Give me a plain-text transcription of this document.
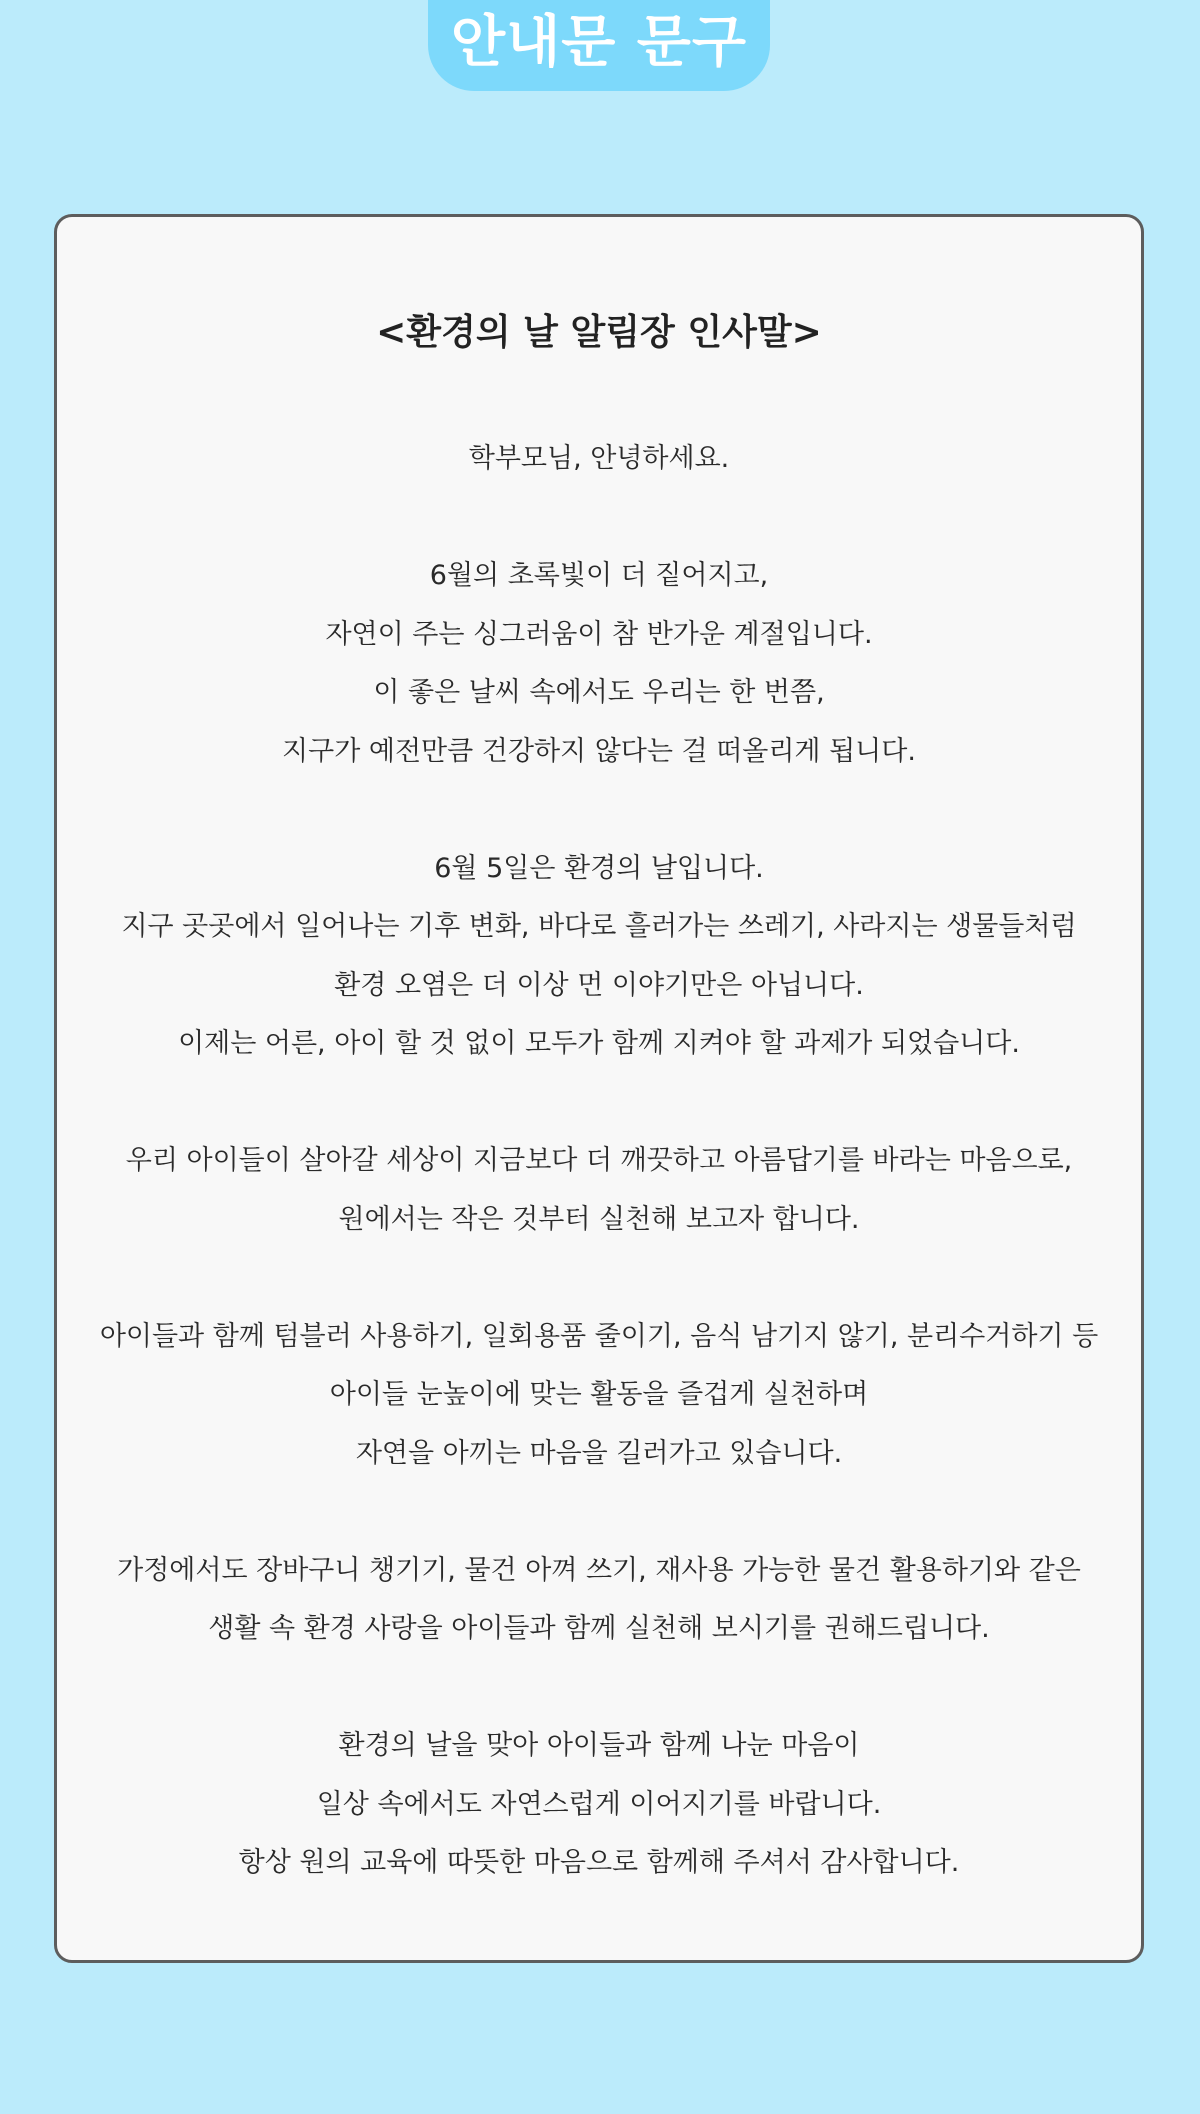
안내문 문구
<환경의 날 알림장 인사말>
학부모님, 안녕하세요.
6월의 초록빛이 더 짙어지고,
자연이 주는 싱그러움이 참 반가운 계절입니다.
이 좋은 날씨 속에서도 우리는 한 번쯤,
지구가 예전만큼 건강하지 않다는 걸 떠올리게 됩니다.
6월 5일은 환경의 날입니다.
지구 곳곳에서 일어나는 기후 변화, 바다로 흘러가는 쓰레기, 사라지는 생물들처럼
환경 오염은 더 이상 먼 이야기만은 아닙니다.
이제는 어른, 아이 할 것 없이 모두가 함께 지켜야 할 과제가 되었습니다.
우리 아이들이 살아갈 세상이 지금보다 더 깨끗하고 아름답기를 바라는 마음으로,
원에서는 작은 것부터 실천해 보고자 합니다.
아이들과 함께 텀블러 사용하기, 일회용품 줄이기, 음식 남기지 않기, 분리수거하기 등
아이들 눈높이에 맞는 활동을 즐겁게 실천하며
자연을 아끼는 마음을 길러가고 있습니다.
가정에서도 장바구니 챙기기, 물건 아껴 쓰기, 재사용 가능한 물건 활용하기와 같은
생활 속 환경 사랑을 아이들과 함께 실천해 보시기를 권해드립니다.
환경의 날을 맞아 아이들과 함께 나눈 마음이
일상 속에서도 자연스럽게 이어지기를 바랍니다.
항상 원의 교육에 따뜻한 마음으로 함께해 주셔서 감사합니다.
